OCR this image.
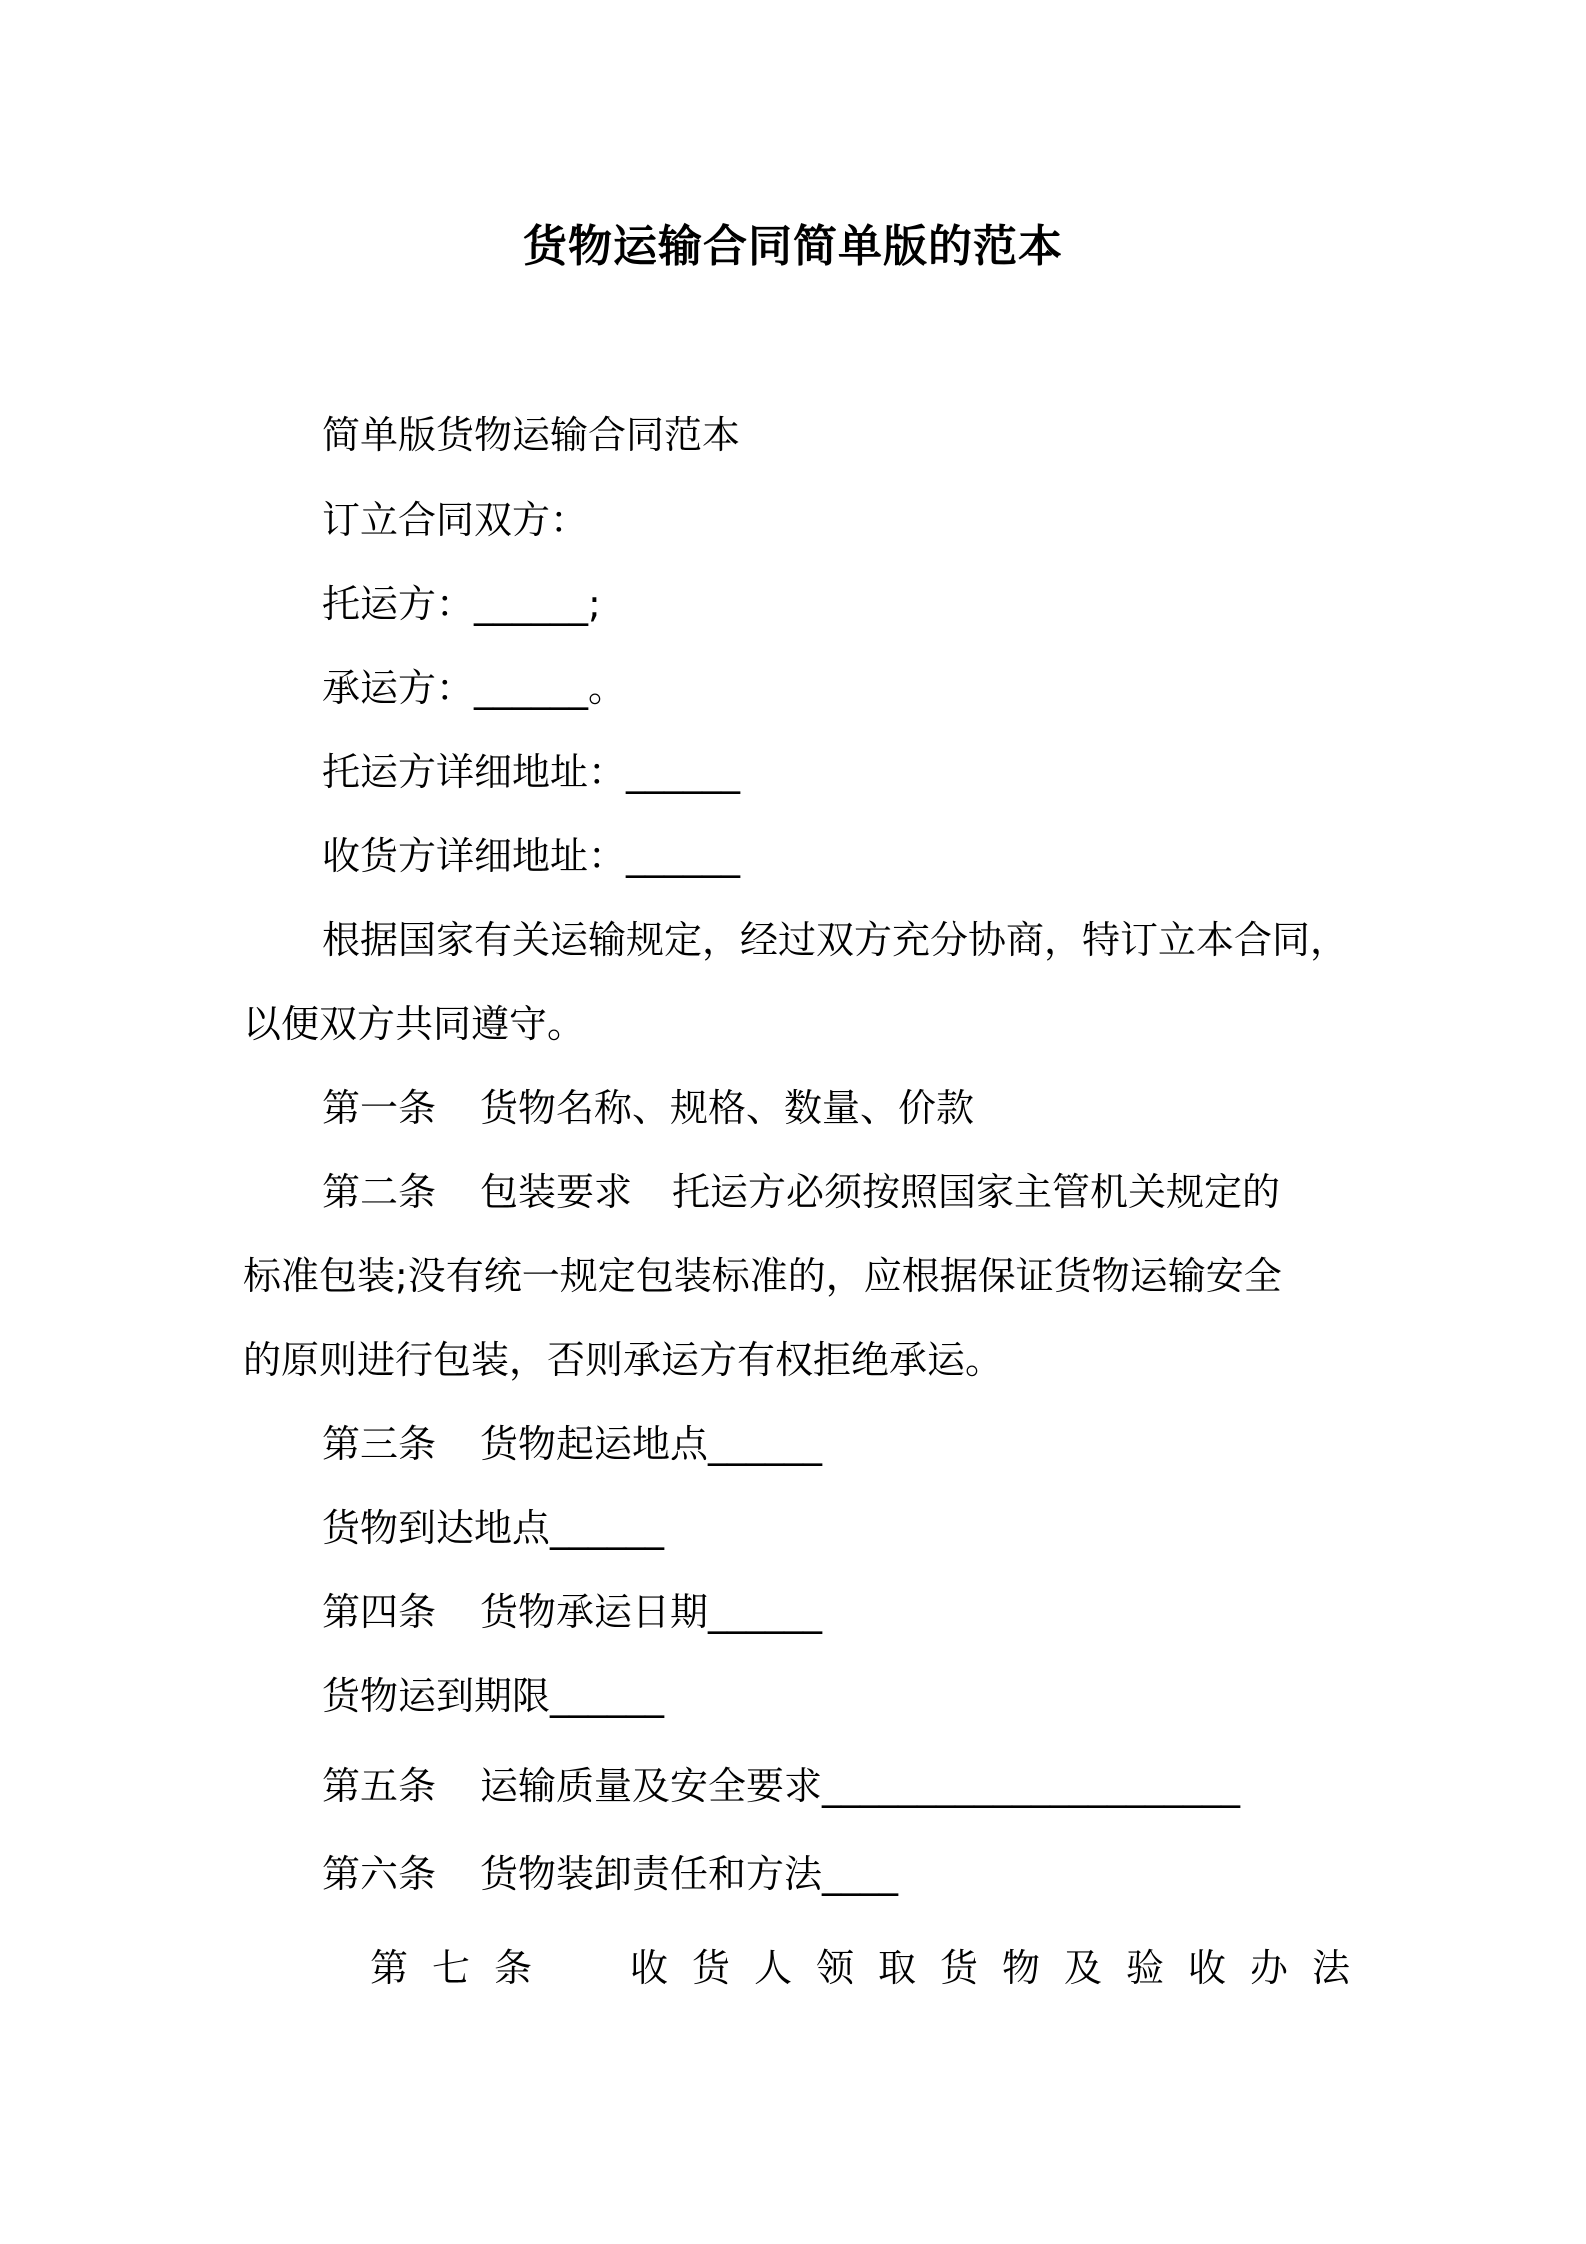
货物运输合同简单版的范本
简单版货物运输合同范本
订立合同双方：
托运方：______;
承运方：______。
托运方详细地址：______
收货方详细地址：______
根据国家有关运输规定，经过双方充分协商，特订立本合同，
以便双方共同遵守。
第一条 货物名称、规格、数量、价款
第二条 包装要求 托运方必须按照国家主管机关规定的
标准包装;没有统一规定包装标准的，应根据保证货物运输安全
的原则进行包装，否则承运方有权拒绝承运。
第三条 货物起运地点______
货物到达地点______
第四条 货物承运日期______
货物运到期限______
第五条 运输质量及安全要求______________________
第六条 货物装卸责任和方法____
第 七 条	收 货 人 领 取 货 物 及 验 收 办 法
